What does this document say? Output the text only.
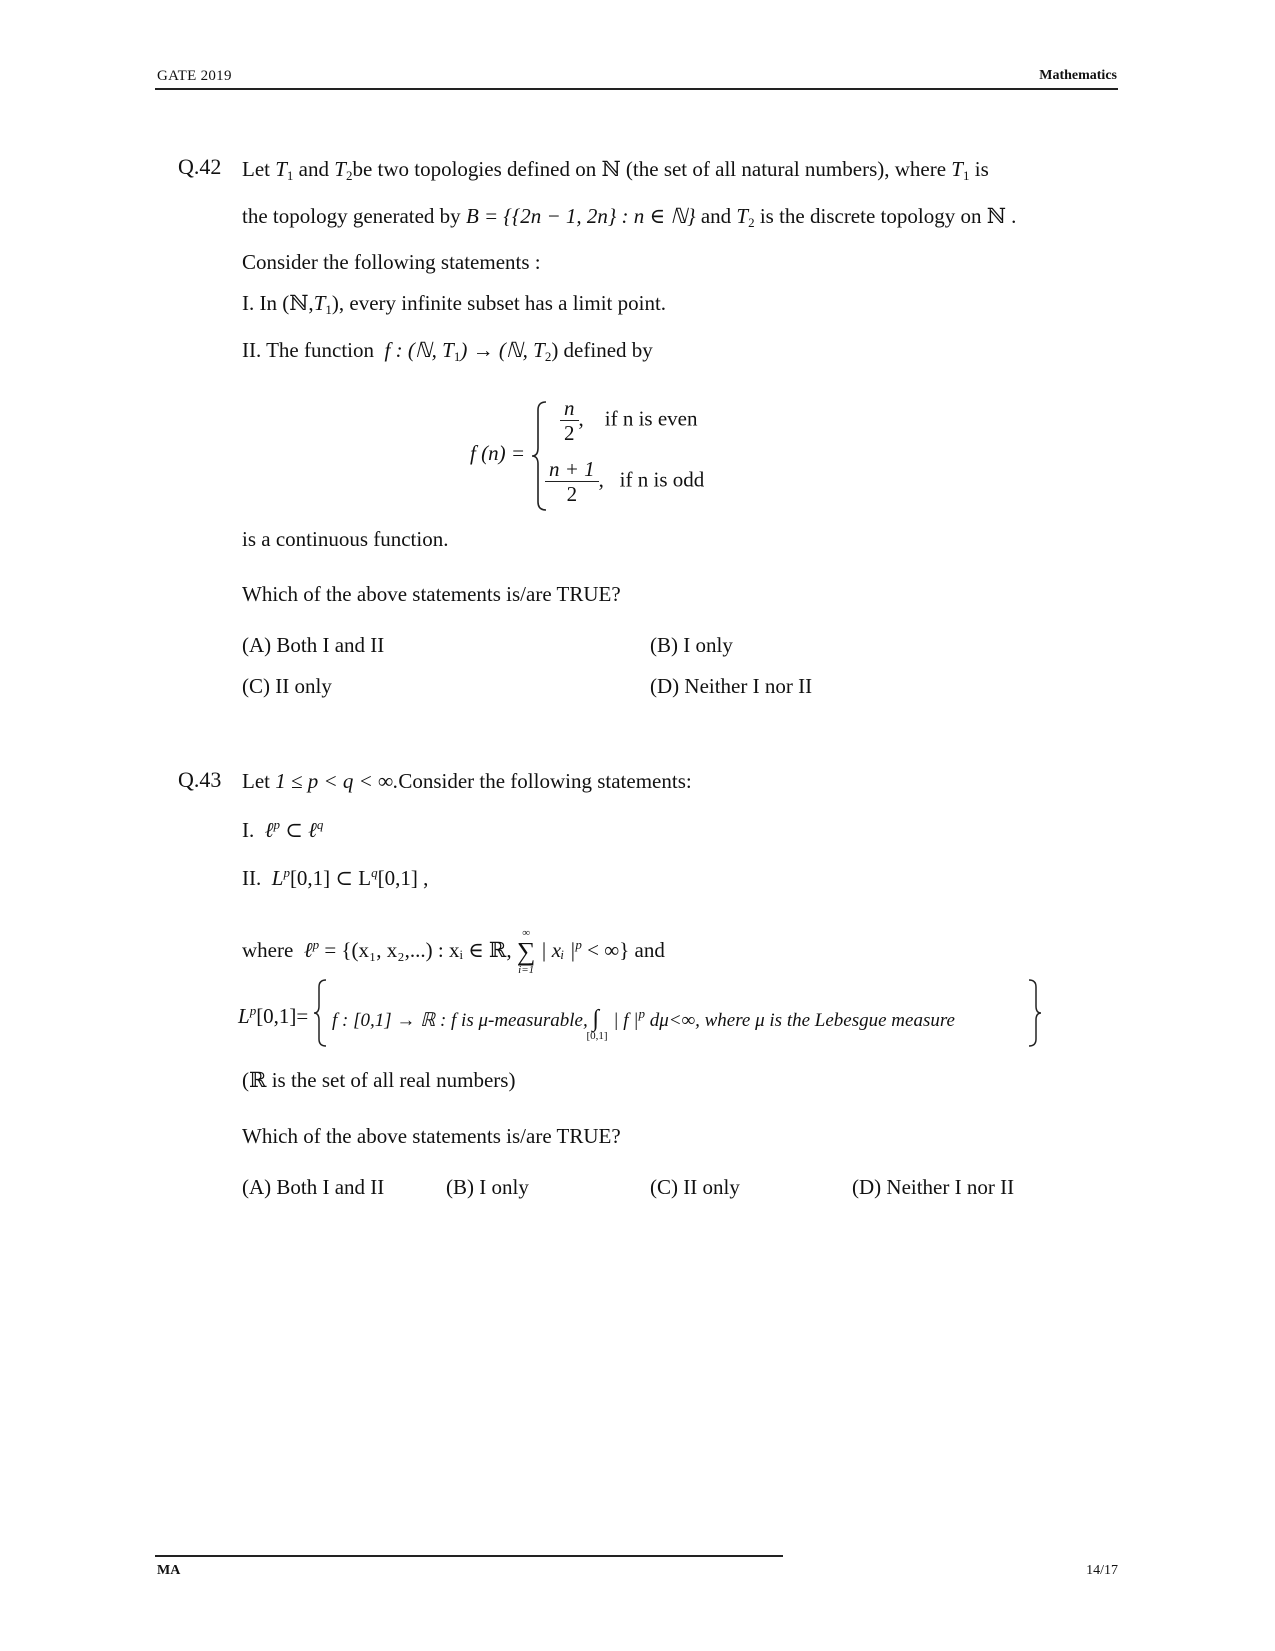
GATE 2019	Mathematics
Q.42 Let $T_1$ and $T_2be$ two topologies defined on ℕ (the set of all natural numbers), where $T_1$ is
the topology generated by B = {{2n − 1, 2n} : n ∈ ℕ} and $T_2$ is the discrete topology on ℕ .
Consider the following statements :
I. In $(ℕ,T_1)$, every infinite subset has a limit point.
II. The function f : (ℕ, $T_1$) → (ℕ, $T_2$) defined by
f (n) =
$\frac{n}{2}$ ,    if n is even
$\frac{n + 1}{2}$ ,   if n is odd
is a continuous function.
Which of the above statements is/are TRUE?
(A) Both I and II	(B) I only
(C) II only	(D) Neither I nor II
Q.43 Let 1 ≤ p < q < ∞.Consider the following statements:
I. ℓ$^p$ ⊂ ℓ$^q$
II. $L^p[0,1]$ ⊂ $L^q[0,1]$ ,
where ℓ$^p$ = {(x₁, x₂,...) : xᵢ ∈ ℝ,
∞
∑
i=1
| xᵢ $|^p$ < ∞} and
$L^p[0,1]= f$ : [0,1] → ℝ : f is μ-measurable, ∫
[0,1]
| f $|^p$ dμ<∞, where μ is the Lebesgue measure
(ℝ is the set of all real numbers)
Which of the above statements is/are TRUE?
(A) Both I and II	(B) I only	(C) II only	(D) Neither I nor II
MA	14/17
